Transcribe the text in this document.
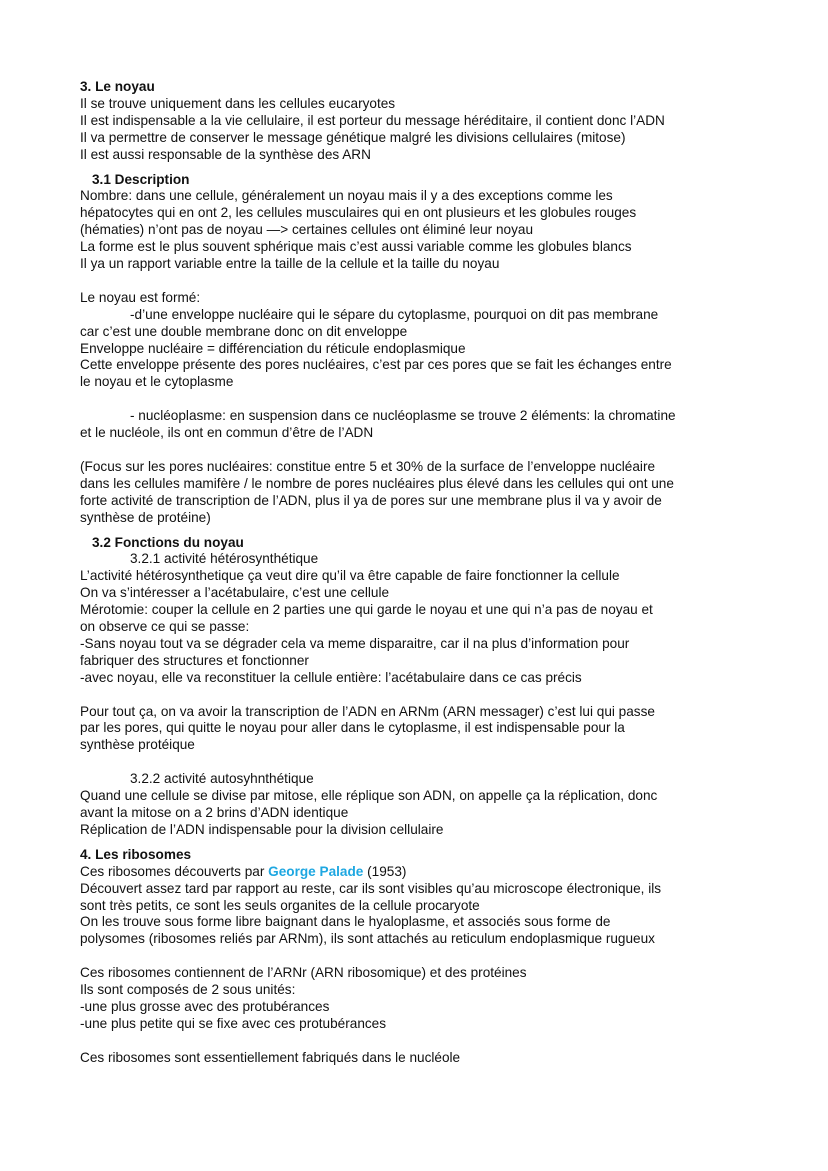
3. Le noyau
Il se trouve uniquement dans les cellules eucaryotes
Il est indispensable a la vie cellulaire, il est porteur du message héréditaire, il contient donc l’ADN
Il va permettre de conserver le message génétique malgré les divisions cellulaires (mitose)
Il est aussi responsable de la synthèse des ARN
3.1 Description
Nombre: dans une cellule, généralement un noyau mais il y a des exceptions comme les
hépatocytes qui en ont 2, les cellules musculaires qui en ont plusieurs et les globules rouges
(hématies) n’ont pas de noyau —> certaines cellules ont éliminé leur noyau
La forme est le plus souvent sphérique mais c’est aussi variable comme les globules blancs
Il ya un rapport variable entre la taille de la cellule et la taille du noyau
Le noyau est formé:
-d’une enveloppe nucléaire qui le sépare du cytoplasme, pourquoi on dit pas membrane
car c’est une double membrane donc on dit enveloppe
Enveloppe nucléaire = différenciation du réticule endoplasmique
Cette enveloppe présente des pores nucléaires, c’est par ces pores que se fait les échanges entre
le noyau et le cytoplasme
- nucléoplasme: en suspension dans ce nucléoplasme se trouve 2 éléments: la chromatine
et le nucléole, ils ont en commun d’être de l’ADN
(Focus sur les pores nucléaires: constitue entre 5 et 30% de la surface de l’enveloppe nucléaire
dans les cellules mamifère / le nombre de pores nucléaires plus élevé dans les cellules qui ont une
forte activité de transcription de l’ADN, plus il ya de pores sur une membrane plus il va y avoir de
synthèse de protéine)
3.2 Fonctions du noyau
3.2.1 activité hétérosynthétique
L’activité hétérosynthetique ça veut dire qu’il va être capable de faire fonctionner la cellule
On va s’intéresser a l’acétabulaire, c’est une cellule
Mérotomie: couper la cellule en 2 parties une qui garde le noyau et une qui n’a pas de noyau et
on observe ce qui se passe:
-Sans noyau tout va se dégrader cela va meme disparaitre, car il na plus d’information pour
fabriquer des structures et fonctionner
-avec noyau, elle va reconstituer la cellule entière: l’acétabulaire dans ce cas précis
Pour tout ça, on va avoir la transcription de l’ADN en ARNm (ARN messager) c’est lui qui passe
par les pores, qui quitte le noyau pour aller dans le cytoplasme, il est indispensable pour la
synthèse protéique
3.2.2 activité autosyhnthétique
Quand une cellule se divise par mitose, elle réplique son ADN, on appelle ça la réplication, donc
avant la mitose on a 2 brins d’ADN identique
Réplication de l’ADN indispensable pour la division cellulaire
4. Les ribosomes
Ces ribosomes découverts par George Palade (1953)
Découvert assez tard par rapport au reste, car ils sont visibles qu’au microscope électronique, ils
sont très petits, ce sont les seuls organites de la cellule procaryote
On les trouve sous forme libre baignant dans le hyaloplasme, et associés sous forme de
polysomes (ribosomes reliés par ARNm), ils sont attachés au reticulum endoplasmique rugueux
Ces ribosomes contiennent de l’ARNr (ARN ribosomique) et des protéines
Ils sont composés de 2 sous unités:
-une plus grosse avec des protubérances
-une plus petite qui se fixe avec ces protubérances
Ces ribosomes sont essentiellement fabriqués dans le nucléole
